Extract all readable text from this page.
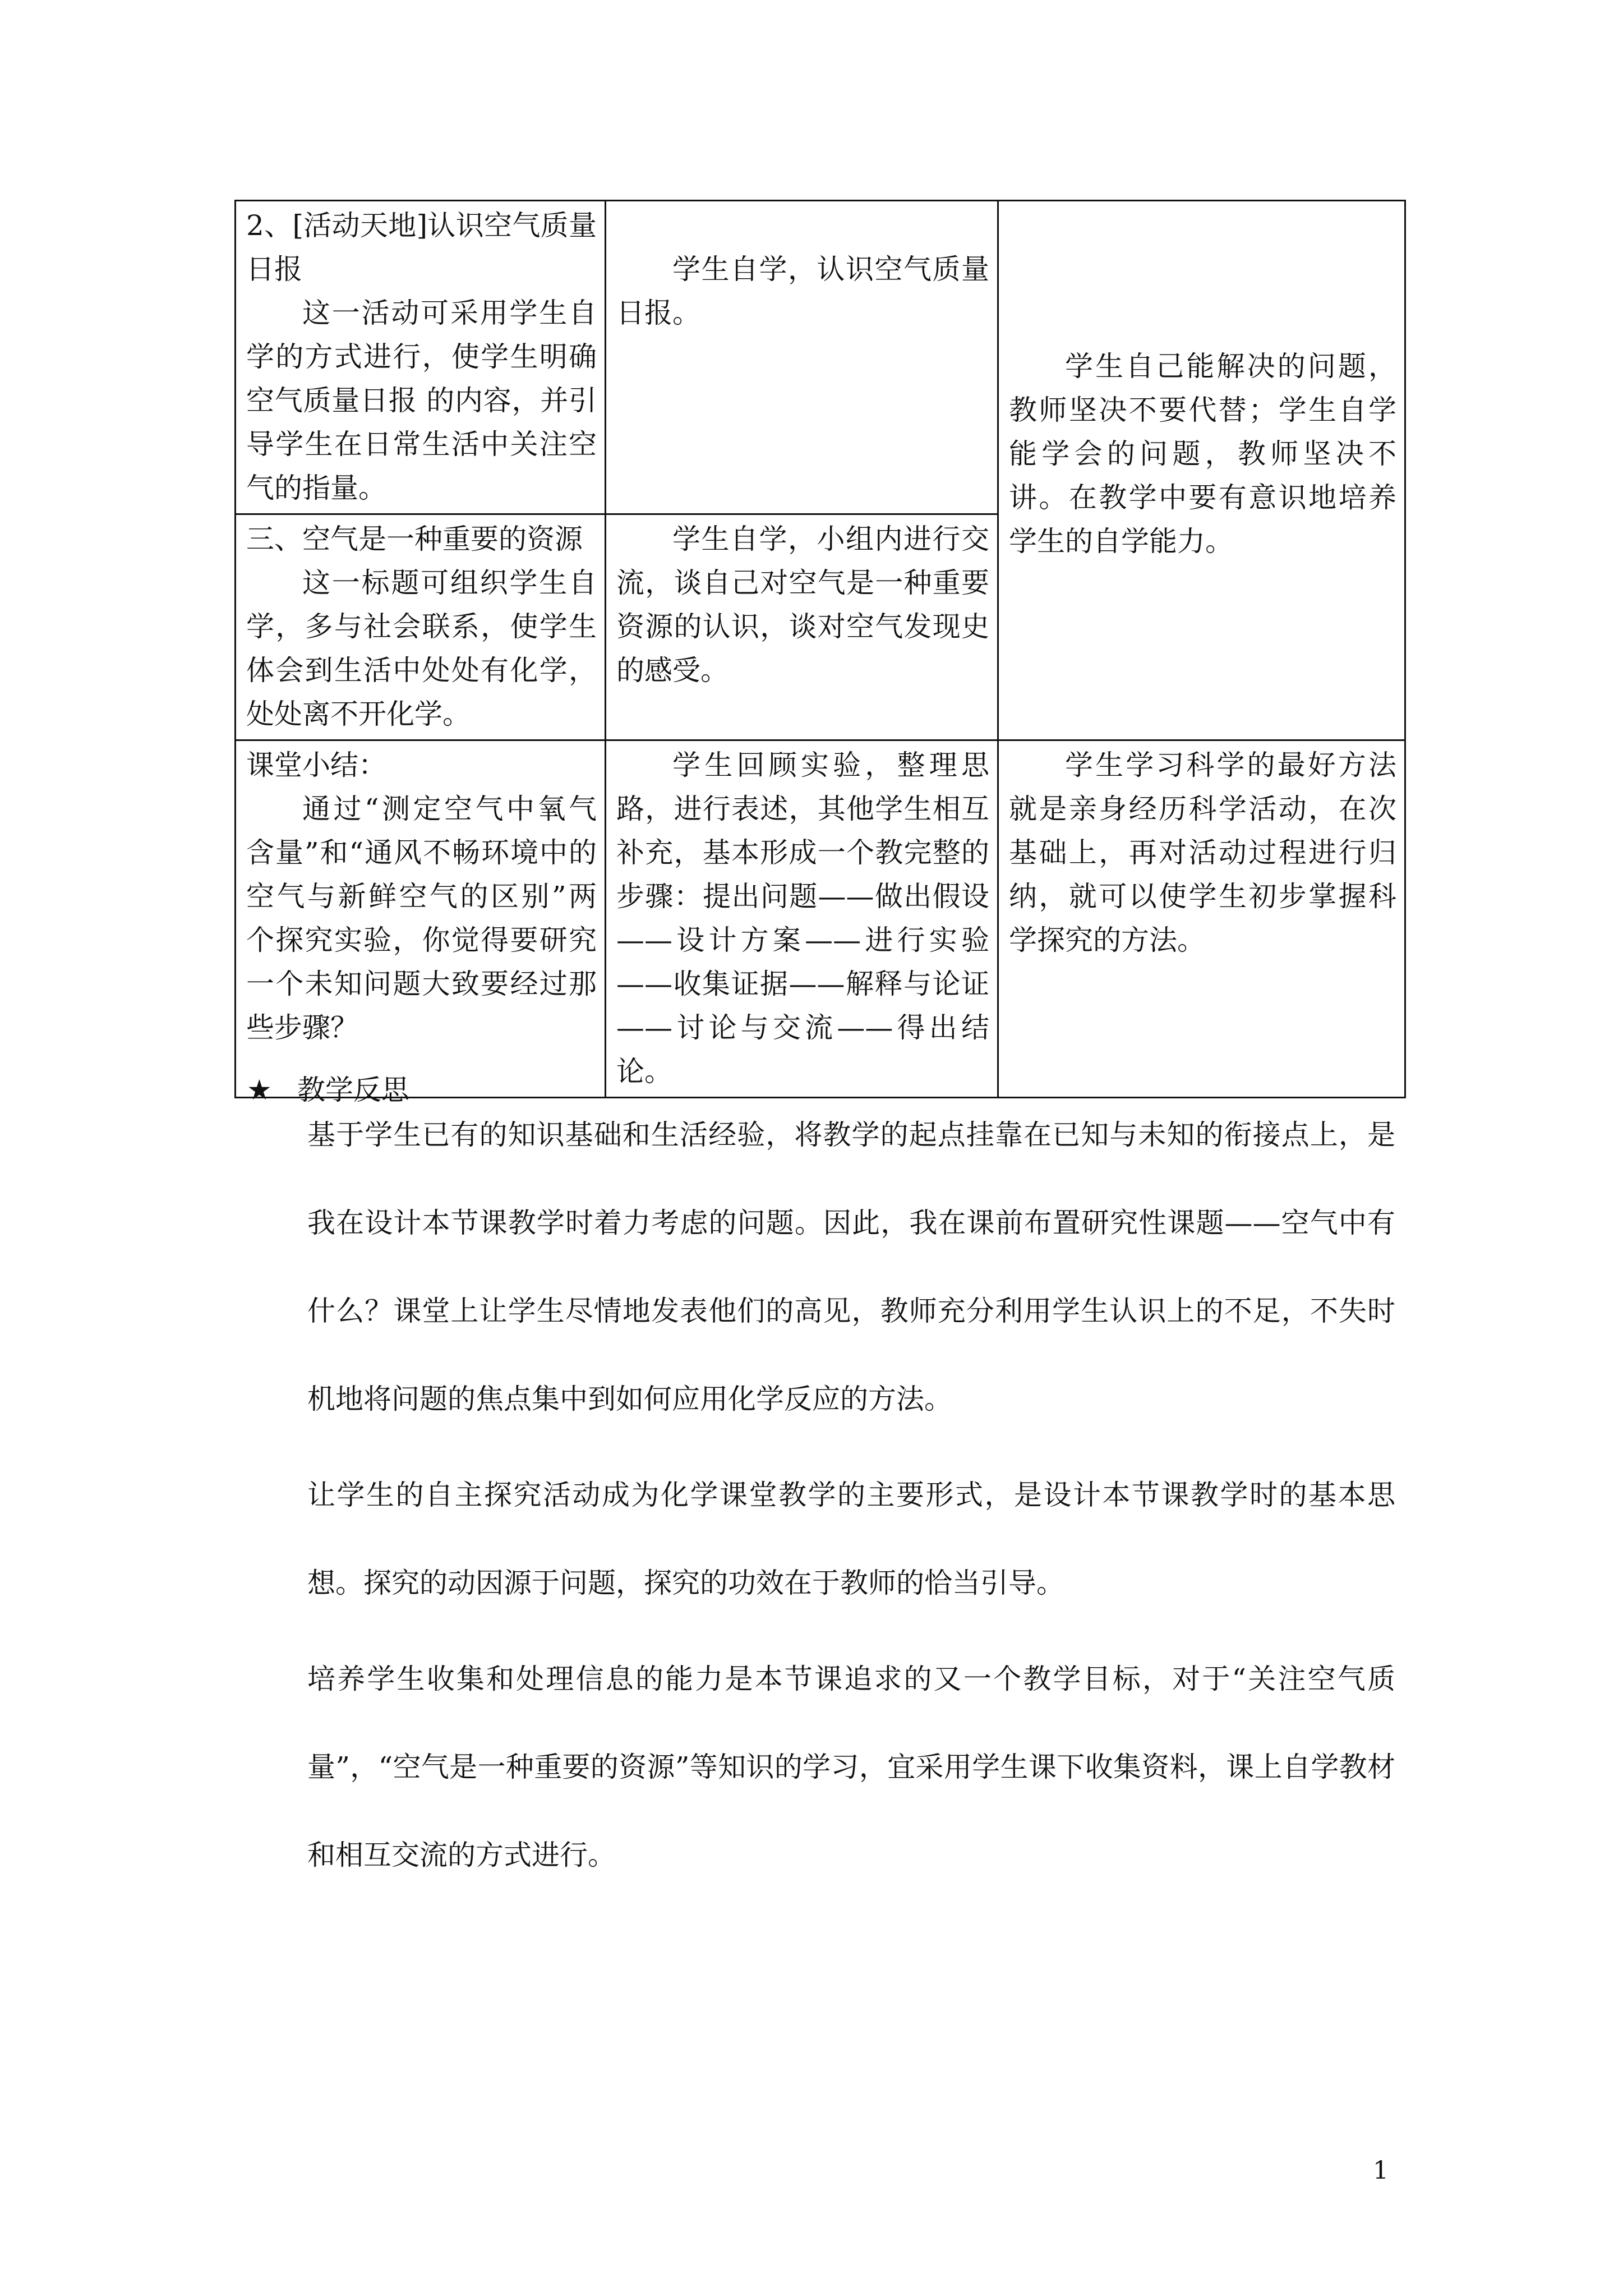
2、[活动天地]认识空气质量日报
这一活动可采用学生自学的方式进行，使学生明确空气质量日报 的内容，并引导学生在日常生活中关注空气的指量。	学生自学，认识空气质量日报。	学生自己能解决的问题，教师坚决不要代替；学生自学能学会的问题，教师坚决不讲。在教学中要有意识地培养学生的自学能力。

三、空气是一种重要的资源
这一标题可组织学生自学，多与社会联系，使学生体会到生活中处处有化学，处处离不开化学。	学生自学，小组内进行交流，谈自己对空气是一种重要资源的认识，谈对空气发现史的感受。	

课堂小结：
通过“测定空气中氧气含量”和“通风不畅环境中的空气与新鲜空气的区别”两个探究实验，你觉得要研究一个未知问题大致要经过那些步骤？	学生回顾实验，整理思路，进行表述，其他学生相互补充，基本形成一个教完整的步骤：提出问题——做出假设——设计方案——进行实验——收集证据——解释与论证——讨论与交流——得出结论。	学生学习科学的最好方法就是亲身经历科学活动，在次基础上，再对活动过程进行归纳，就可以使学生初步掌握科学探究的方法。
★ 教学反思

基于学生已有的知识基础和生活经验，将教学的起点挂靠在已知与未知的衔接点上，是我在设计本节课教学时着力考虑的问题。因此，我在课前布置研究性课题——空气中有什么？课堂上让学生尽情地发表他们的高见，教师充分利用学生认识上的不足，不失时机地将问题的焦点集中到如何应用化学反应的方法。

让学生的自主探究活动成为化学课堂教学的主要形式，是设计本节课教学时的基本思想。探究的动因源于问题，探究的功效在于教师的恰当引导。

培养学生收集和处理信息的能力是本节课追求的又一个教学目标，对于“关注空气质量”，“空气是一种重要的资源”等知识的学习，宜采用学生课下收集资料，课上自学教材和相互交流的方式进行。

1
